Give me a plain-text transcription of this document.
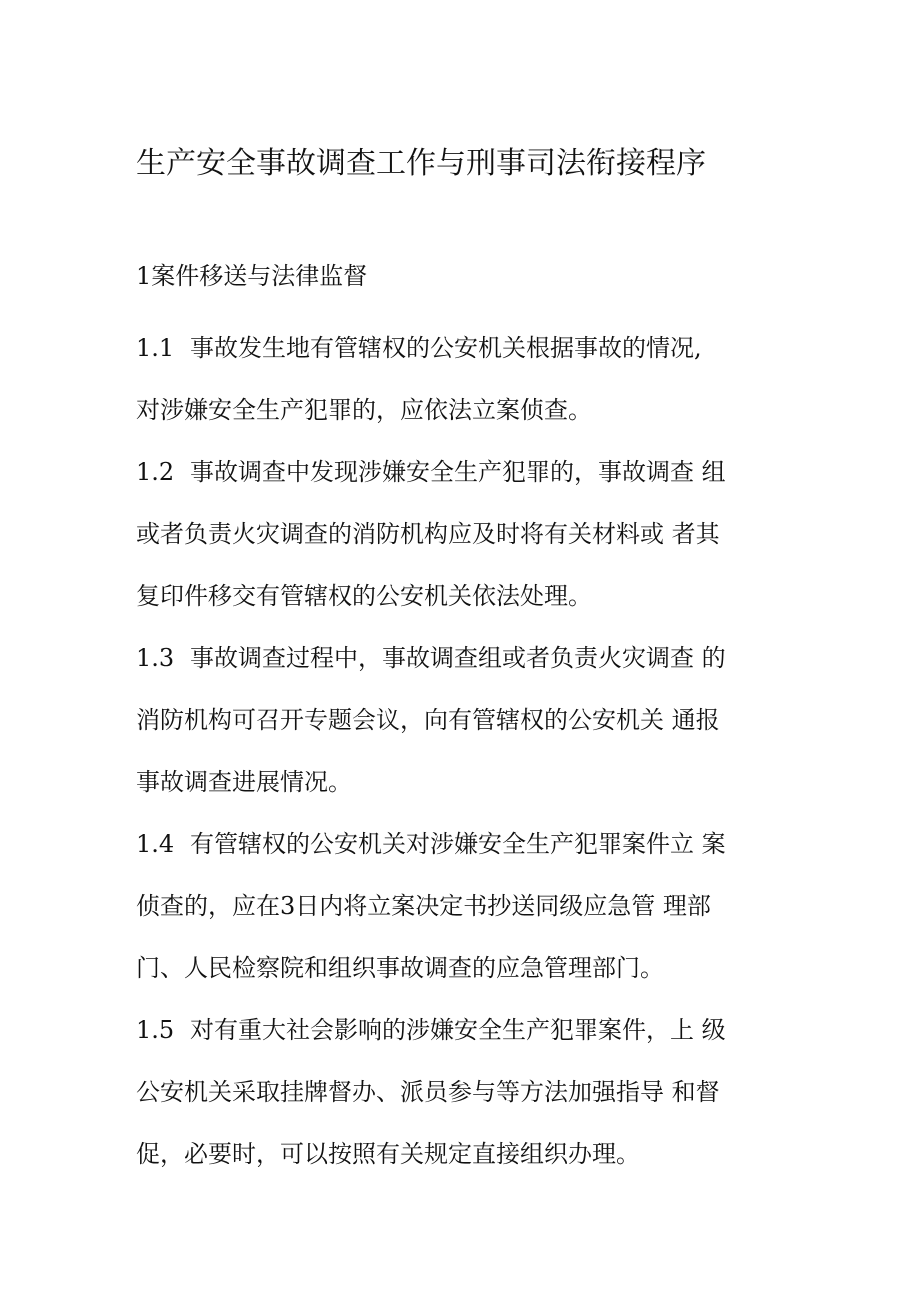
生产安全事故调查工作与刑事司法衔接程序
1案件移送与法律监督
1.1 事故发生地有管辖权的公安机关根据事故的情况,
对涉嫌安全生产犯罪的，应依法立案侦查。
1.2 事故调查中发现涉嫌安全生产犯罪的，事故调查 组
或者负责火灾调查的消防机构应及时将有关材料或 者其
复印件移交有管辖权的公安机关依法处理。
1.3 事故调查过程中，事故调查组或者负责火灾调查 的
消防机构可召开专题会议，向有管辖权的公安机关 通报
事故调查进展情况。
1.4 有管辖权的公安机关对涉嫌安全生产犯罪案件立 案
侦查的，应在3日内将立案决定书抄送同级应急管 理部
门、人民检察院和组织事故调查的应急管理部门。
1.5 对有重大社会影响的涉嫌安全生产犯罪案件，上 级
公安机关采取挂牌督办、派员参与等方法加强指导 和督
促，必要时，可以按照有关规定直接组织办理。
